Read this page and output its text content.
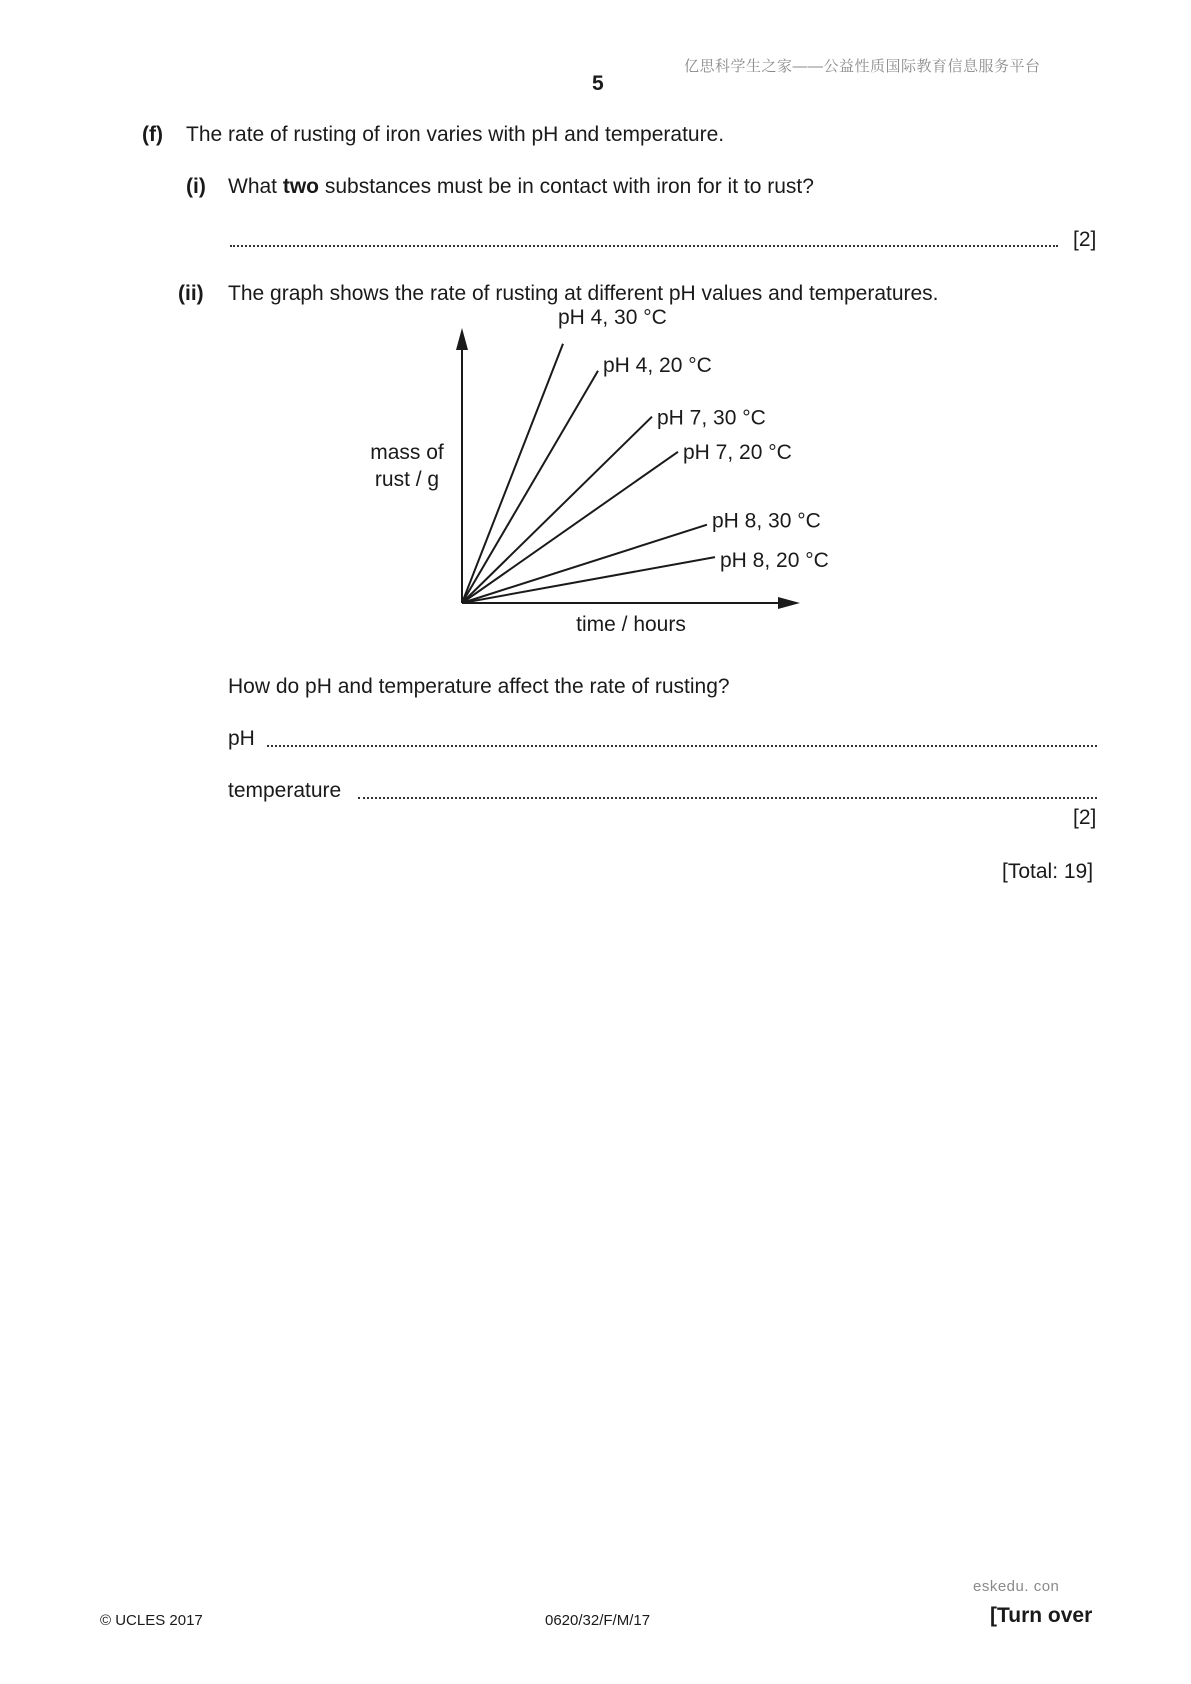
亿思科学生之家——公益性质国际教育信息服务平台
5
(f) The rate of rusting of iron varies with pH and temperature.
(i) What two substances must be in contact with iron for it to rust?
[2]
(ii) The graph shows the rate of rusting at different pH values and temperatures.
pH 4, 30 °C
pH 4, 20 °C
pH 7, 30 °C
pH 7, 20 °C
pH 8, 30 °C
pH 8, 20 °C
mass of
rust / g
time / hours
How do pH and temperature affect the rate of rusting?
pH
temperature
[2]
[Total: 19]
eskedu. con
© UCLES 2017	0620/32/F/M/17	[Turn over
